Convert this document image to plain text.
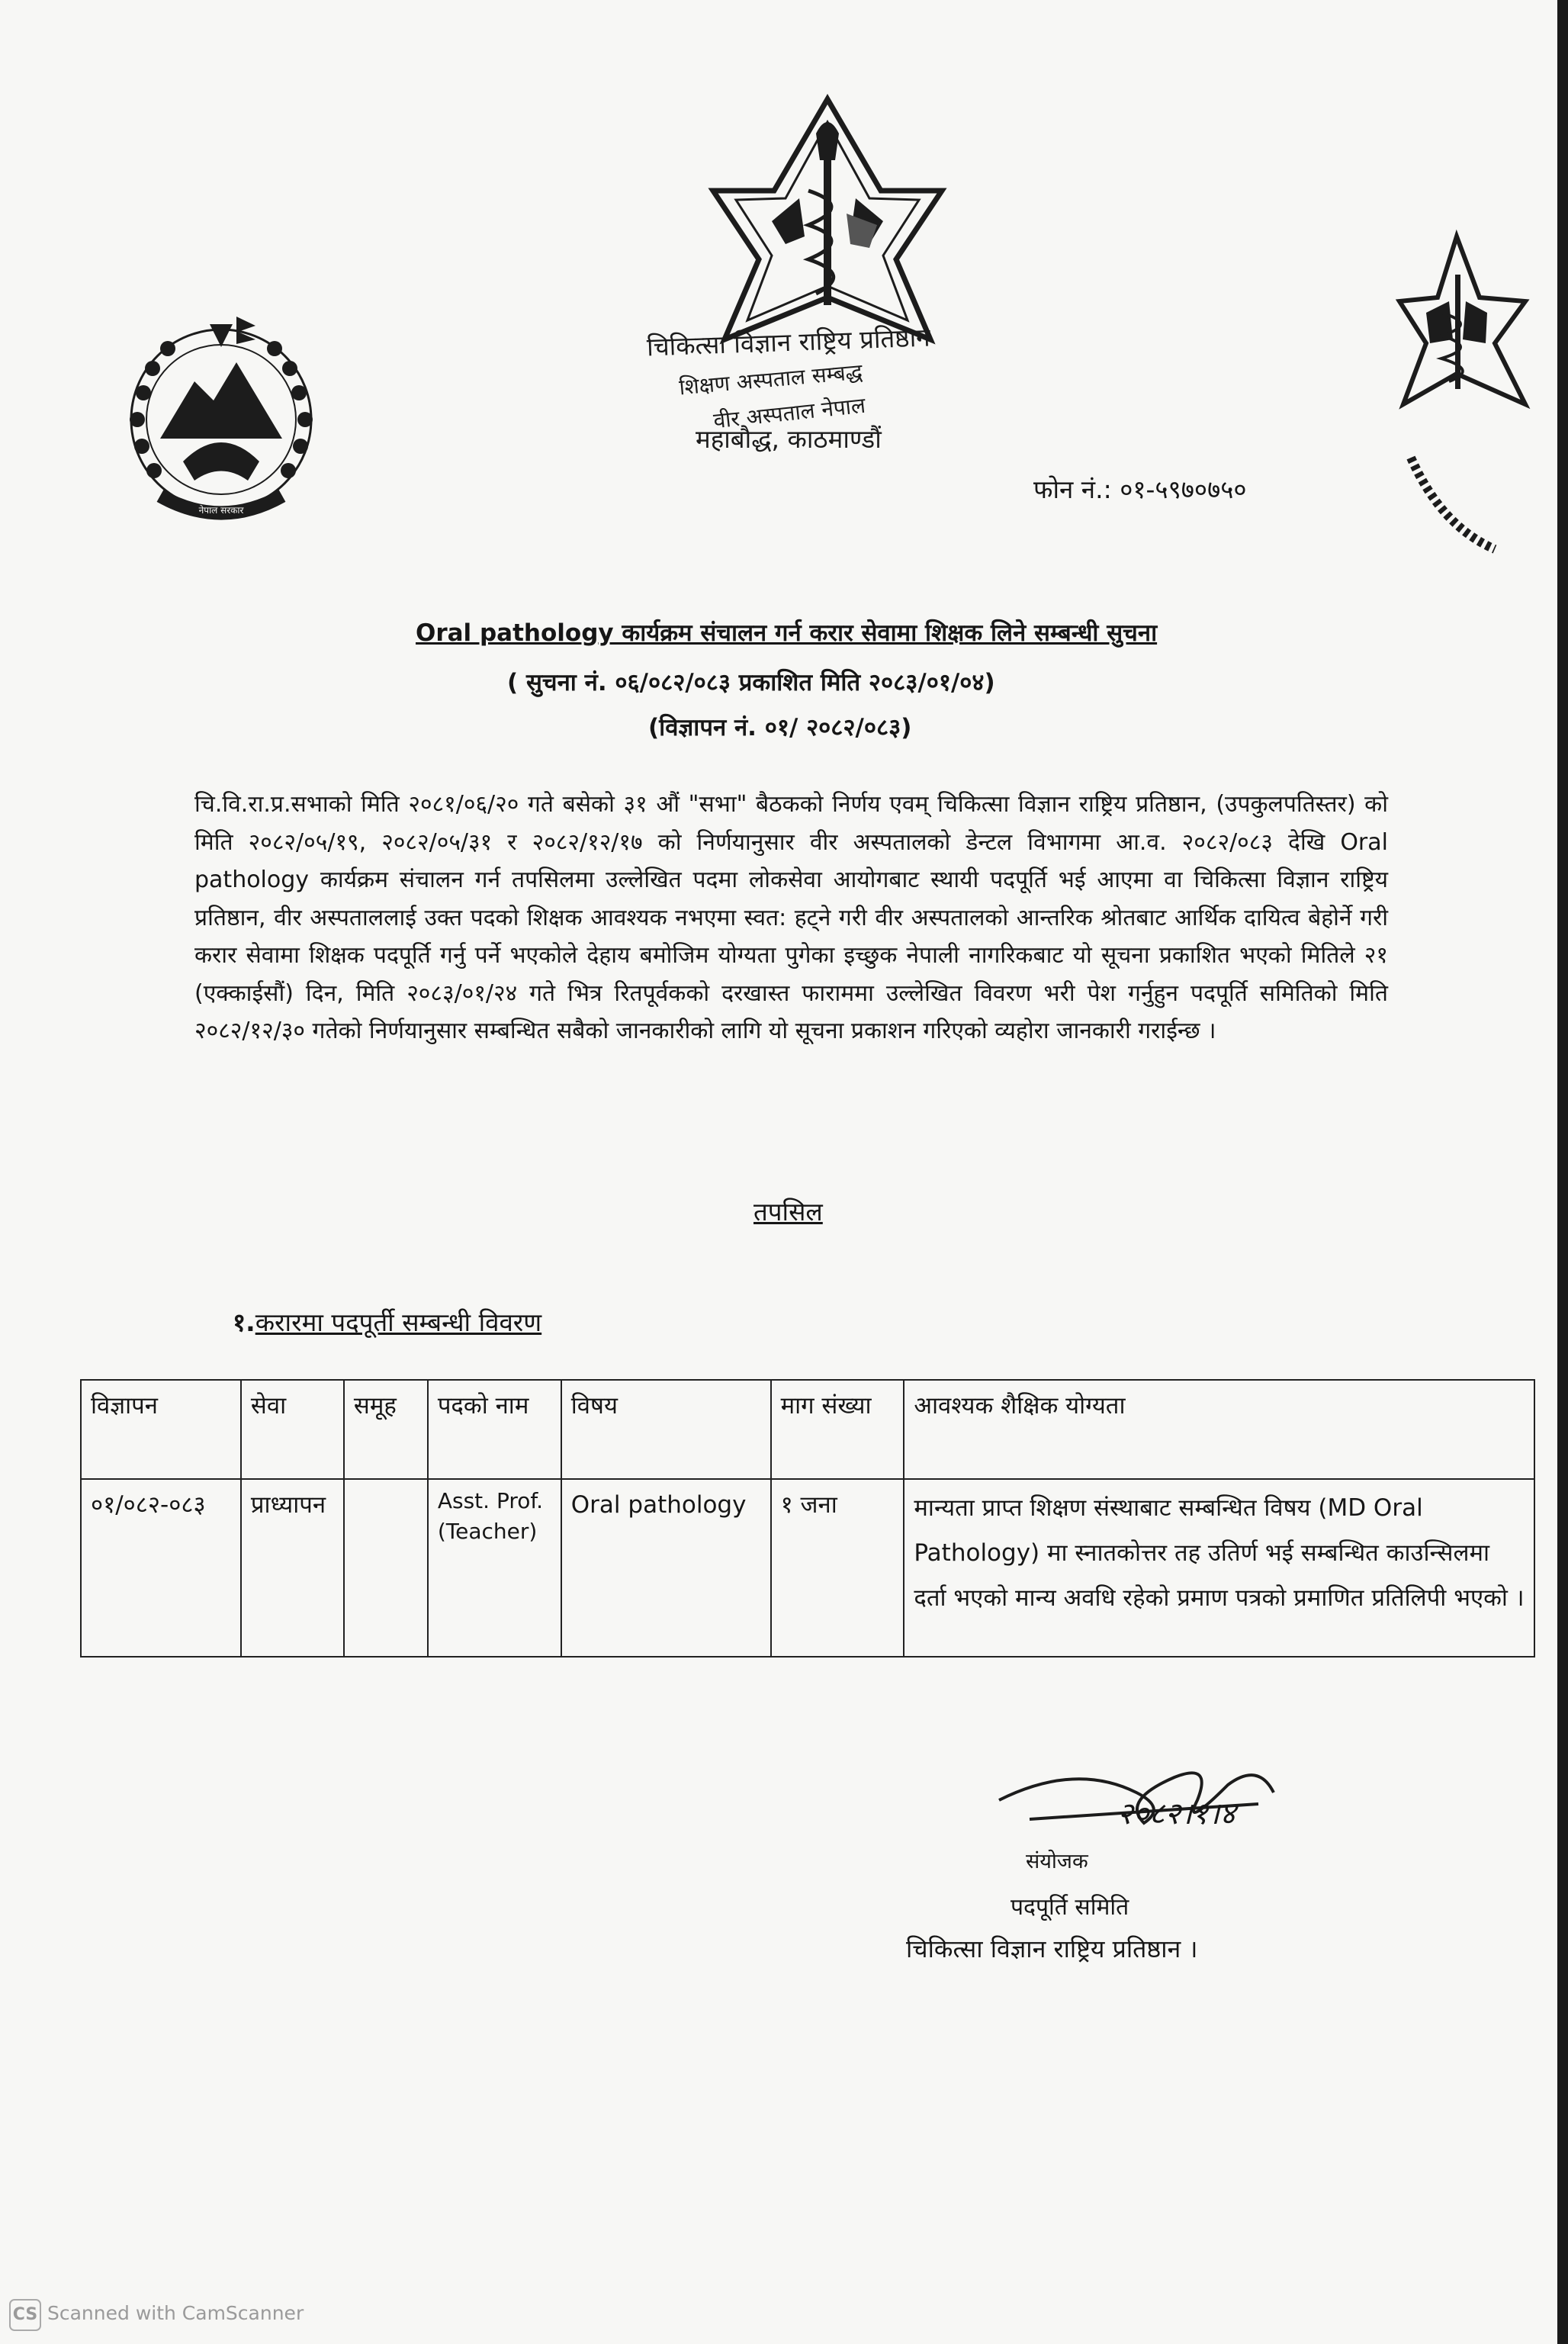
नेपाल सरकार
चिकित्सा विज्ञान राष्ट्रिय प्रतिष्ठान
शिक्षण अस्पताल सम्बद्ध
वीर अस्पताल नेपाल
महाबौद्ध, काठमाण्डौं
फोन नं.: ०१-५९७०७५०
Oral pathology कार्यक्रम संचालन गर्न करार सेवामा शिक्षक लिने सम्बन्धी सुचना
( सुचना नं. ०६/०८२/०८३ प्रकाशित मिति २०८३/०१/०४)
(विज्ञापन नं. ०१/ २०८२/०८३)
चि.वि.रा.प्र.सभाको मिति २०८१/०६/२० गते बसेको ३१ औं "सभा" बैठकको निर्णय एवम् चिकित्सा विज्ञान राष्ट्रिय प्रतिष्ठान, (उपकुलपतिस्तर) को मिति २०८२/०५/१९, २०८२/०५/३१ र २०८२/१२/१७ को निर्णयानुसार वीर अस्पतालको डेन्टल विभागमा आ.व. २०८२/०८३ देखि Oral pathology कार्यक्रम संचालन गर्न तपसिलमा उल्लेखित पदमा लोकसेवा आयोगबाट स्थायी पदपूर्ति भई आएमा वा चिकित्सा विज्ञान राष्ट्रिय प्रतिष्ठान, वीर अस्पताललाई उक्त पदको शिक्षक आवश्यक नभएमा स्वत: हट्ने गरी वीर अस्पतालको आन्तरिक श्रोतबाट आर्थिक दायित्व बेहोर्ने गरी करार सेवामा शिक्षक पदपूर्ति गर्नु पर्ने भएकोले देहाय बमोजिम योग्यता पुगेका इच्छुक नेपाली नागरिकबाट यो सूचना प्रकाशित भएको मितिले २१ (एक्काईसौं) दिन, मिति २०८३/०१/२४ गते भित्र रितपूर्वकको दरखास्त फाराममा उल्लेखित विवरण भरी पेश गर्नुहुन पदपूर्ति समितिको मिति २०८२/१२/३० गतेको निर्णयानुसार सम्बन्धित सबैको जानकारीको लागि यो सूचना प्रकाशन गरिएको व्यहोरा जानकारी गराईन्छ ।
तपसिल
१.करारमा पदपूर्ती सम्बन्धी विवरण
विज्ञापन	सेवा	समूह	पदको नाम	विषय	माग संख्या	आवश्यक शैक्षिक योग्यता
०१/०८२-०८३	प्राध्यापन		Asst. Prof. (Teacher)	Oral pathology	१ जना	मान्यता प्राप्त शिक्षण संस्थाबाट सम्बन्धित विषय (MD Oral Pathology) मा स्नातकोत्तर तह उतिर्ण भई सम्बन्धित काउन्सिलमा दर्ता भएको मान्य अवधि रहेको प्रमाण पत्रको प्रमाणित प्रतिलिपी भएको ।
२०८२।१।४
संयोजक
पदपूर्ति समिति
चिकित्सा विज्ञान राष्ट्रिय प्रतिष्ठान ।
CS Scanned with CamScanner
